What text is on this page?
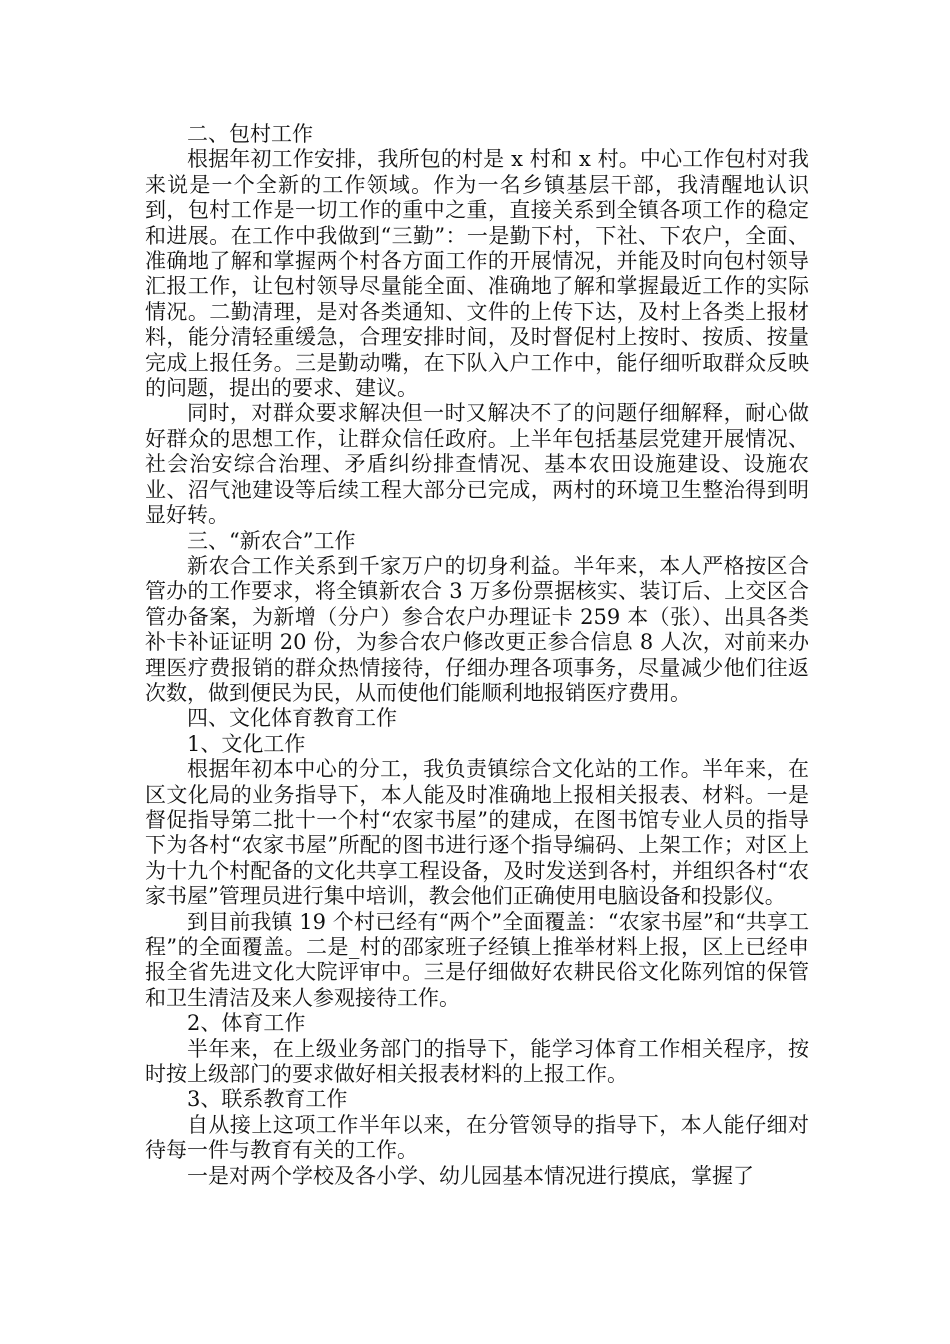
二、包村工作

根据年初工作安排，我所包的村是 x 村和 x 村。中心工作包村对我来说是一个全新的工作领域。作为一名乡镇基层干部，我清醒地认识到，包村工作是一切工作的重中之重，直接关系到全镇各项工作的稳定和进展。在工作中我做到“三勤”：一是勤下村，下社、下农户，全面、准确地了解和掌握两个村各方面工作的开展情况，并能及时向包村领导汇报工作，让包村领导尽量能全面、准确地了解和掌握最近工作的实际情况。二勤清理，是对各类通知、文件的上传下达，及村上各类上报材料，能分清轻重缓急，合理安排时间，及时督促村上按时、按质、按量完成上报任务。三是勤动嘴，在下队入户工作中，能仔细听取群众反映的问题，提出的要求、建议。

同时，对群众要求解决但一时又解决不了的问题仔细解释，耐心做好群众的思想工作，让群众信任政府。上半年包括基层党建开展情况、社会治安综合治理、矛盾纠纷排查情况、基本农田设施建设、设施农业、沼气池建设等后续工程大部分已完成，两村的环境卫生整治得到明显好转。

三、“新农合”工作

新农合工作关系到千家万户的切身利益。半年来，本人严格按区合管办的工作要求，将全镇新农合 3 万多份票据核实、装订后、上交区合管办备案，为新增（分户）参合农户办理证卡 259 本（张）、出具各类补卡补证证明 20 份，为参合农户修改更正参合信息 8 人次，对前来办理医疗费报销的群众热情接待，仔细办理各项事务，尽量减少他们往返次数，做到便民为民，从而使他们能顺利地报销医疗费用。

四、文化体育教育工作

1、文化工作

根据年初本中心的分工，我负责镇综合文化站的工作。半年来，在区文化局的业务指导下，本人能及时准确地上报相关报表、材料。一是督促指导第二批十一个村“农家书屋”的建成，在图书馆专业人员的指导下为各村“农家书屋”所配的图书进行逐个指导编码、上架工作；对区上为十九个村配备的文化共享工程设备，及时发送到各村，并组织各村“农家书屋”管理员进行集中培训，教会他们正确使用电脑设备和投影仪。

到目前我镇 19 个村已经有“两个”全面覆盖：“农家书屋”和“共享工程”的全面覆盖。二是_村的邵家班子经镇上推举材料上报，区上已经申报全省先进文化大院评审中。三是仔细做好农耕民俗文化陈列馆的保管和卫生清洁及来人参观接待工作。

2、体育工作

半年来，在上级业务部门的指导下，能学习体育工作相关程序，按时按上级部门的要求做好相关报表材料的上报工作。

3、联系教育工作

自从接上这项工作半年以来，在分管领导的指导下，本人能仔细对待每一件与教育有关的工作。

一是对两个学校及各小学、幼儿园基本情况进行摸底，掌握了
